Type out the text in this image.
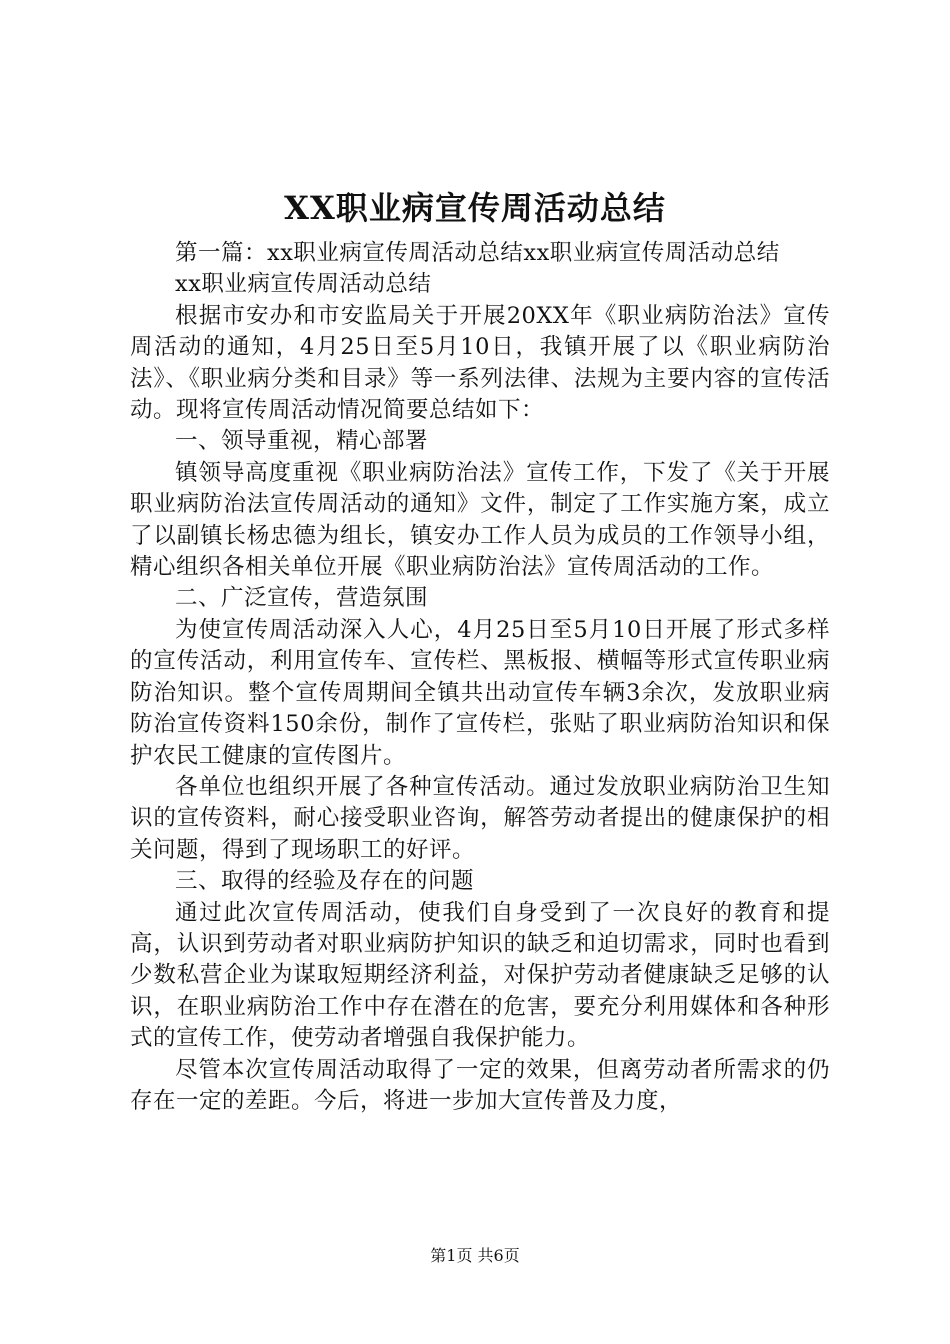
XX职业病宣传周活动总结

第一篇：xx职业病宣传周活动总结xx职业病宣传周活动总结

xx职业病宣传周活动总结

根据市安办和市安监局关于开展20XX年《职业病防治法》宣传周活动的通知，4月25日至5月10日，我镇开展了以《职业病防治法》、《职业病分类和目录》等一系列法律、法规为主要内容的宣传活动。现将宣传周活动情况简要总结如下：

一、领导重视，精心部署

镇领导高度重视《职业病防治法》宣传工作，下发了《关于开展职业病防治法宣传周活动的通知》文件，制定了工作实施方案，成立了以副镇长杨忠德为组长，镇安办工作人员为成员的工作领导小组，精心组织各相关单位开展《职业病防治法》宣传周活动的工作。

二、广泛宣传，营造氛围

为使宣传周活动深入人心，4月25日至5月10日开展了形式多样的宣传活动，利用宣传车、宣传栏、黑板报、横幅等形式宣传职业病防治知识。整个宣传周期间全镇共出动宣传车辆3余次，发放职业病防治宣传资料150余份，制作了宣传栏，张贴了职业病防治知识和保护农民工健康的宣传图片。

各单位也组织开展了各种宣传活动。通过发放职业病防治卫生知识的宣传资料，耐心接受职业咨询，解答劳动者提出的健康保护的相关问题，得到了现场职工的好评。

三、取得的经验及存在的问题

通过此次宣传周活动，使我们自身受到了一次良好的教育和提高，认识到劳动者对职业病防护知识的缺乏和迫切需求，同时也看到少数私营企业为谋取短期经济利益，对保护劳动者健康缺乏足够的认识，在职业病防治工作中存在潜在的危害，要充分利用媒体和各种形式的宣传工作，使劳动者增强自我保护能力。

尽管本次宣传周活动取得了一定的效果，但离劳动者所需求的仍存在一定的差距。今后，将进一步加大宣传普及力度，

第1页 共6页
